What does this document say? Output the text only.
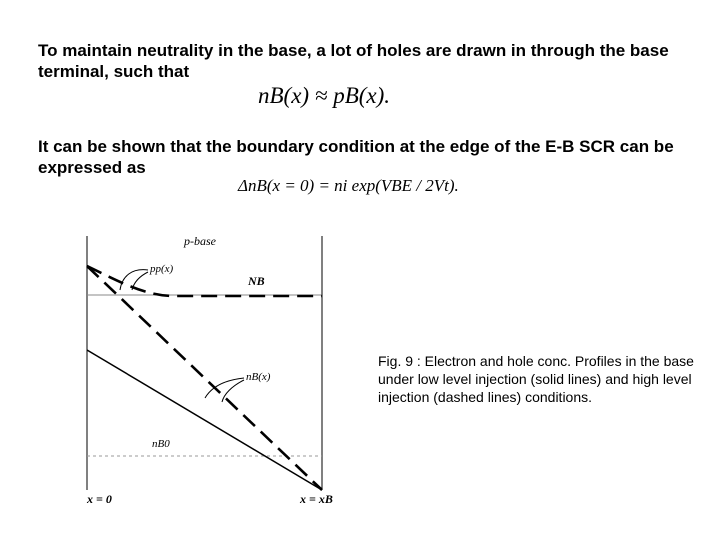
To maintain neutrality in the base, a lot of holes are drawn in through the base terminal, such that

nB(x) ≈ pB(x).

It can be shown that the boundary condition at the edge of the E-B SCR can be expressed as

ΔnB(x = 0) = ni exp(VBE / 2Vt).

p-base
pp(x)
NB
nB(x)
nB0
x = 0	x = xB

Fig. 9 : Electron and hole conc. Profiles in the base under low level injection (solid lines) and high level injection (dashed lines) conditions.
